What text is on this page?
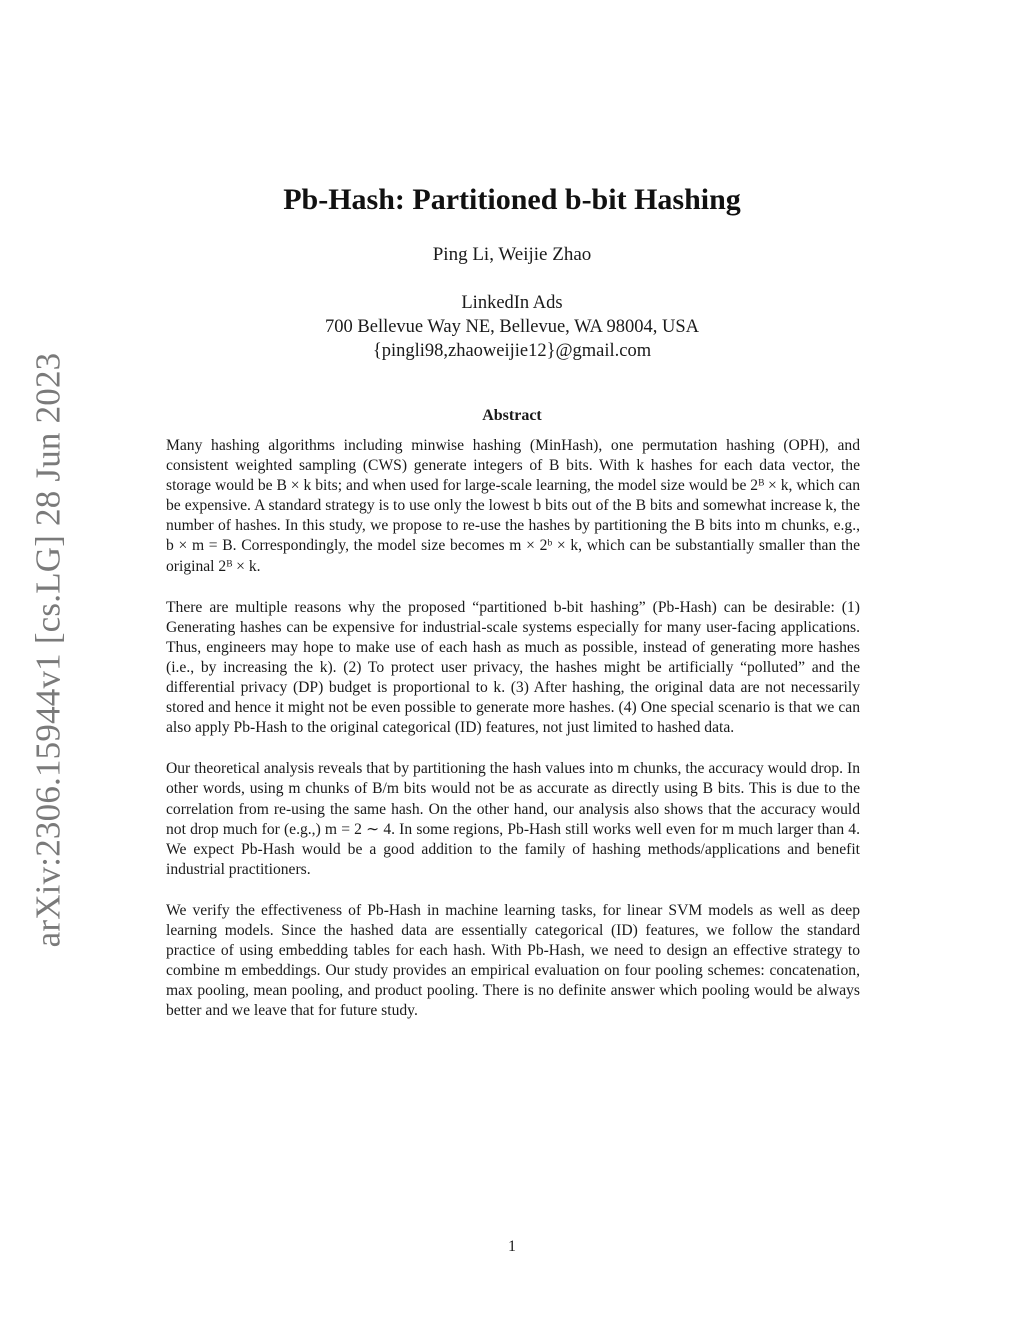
arXiv:2306.15944v1 [cs.LG] 28 Jun 2023
Pb-Hash: Partitioned b-bit Hashing
Ping Li, Weijie Zhao
LinkedIn Ads
700 Bellevue Way NE, Bellevue, WA 98004, USA
{pingli98,zhaoweijie12}@gmail.com
Abstract

Many hashing algorithms including minwise hashing (MinHash), one permutation hashing (OPH), and consistent weighted sampling (CWS) generate integers of B bits. With k hashes for each data vector, the storage would be B × k bits; and when used for large-scale learning, the model size would be 2ᴮ × k, which can be expensive. A standard strategy is to use only the lowest b bits out of the B bits and somewhat increase k, the number of hashes. In this study, we propose to re-use the hashes by partitioning the B bits into m chunks, e.g., b × m = B. Correspondingly, the model size becomes m × 2ᵇ × k, which can be substantially smaller than the original 2ᴮ × k.

There are multiple reasons why the proposed “partitioned b-bit hashing” (Pb-Hash) can be desirable: (1) Generating hashes can be expensive for industrial-scale systems especially for many user-facing applications. Thus, engineers may hope to make use of each hash as much as possible, instead of generating more hashes (i.e., by increasing the k). (2) To protect user privacy, the hashes might be artificially “polluted” and the differential privacy (DP) budget is proportional to k. (3) After hashing, the original data are not necessarily stored and hence it might not be even possible to generate more hashes. (4) One special scenario is that we can also apply Pb-Hash to the original categorical (ID) features, not just limited to hashed data.

Our theoretical analysis reveals that by partitioning the hash values into m chunks, the accuracy would drop. In other words, using m chunks of B/m bits would not be as accurate as directly using B bits. This is due to the correlation from re-using the same hash. On the other hand, our analysis also shows that the accuracy would not drop much for (e.g.,) m = 2 ∼ 4. In some regions, Pb-Hash still works well even for m much larger than 4. We expect Pb-Hash would be a good addition to the family of hashing methods/applications and benefit industrial practitioners.

We verify the effectiveness of Pb-Hash in machine learning tasks, for linear SVM models as well as deep learning models. Since the hashed data are essentially categorical (ID) features, we follow the standard practice of using embedding tables for each hash. With Pb-Hash, we need to design an effective strategy to combine m embeddings. Our study provides an empirical evaluation on four pooling schemes: concatenation, max pooling, mean pooling, and product pooling. There is no definite answer which pooling would be always better and we leave that for future study.

1
